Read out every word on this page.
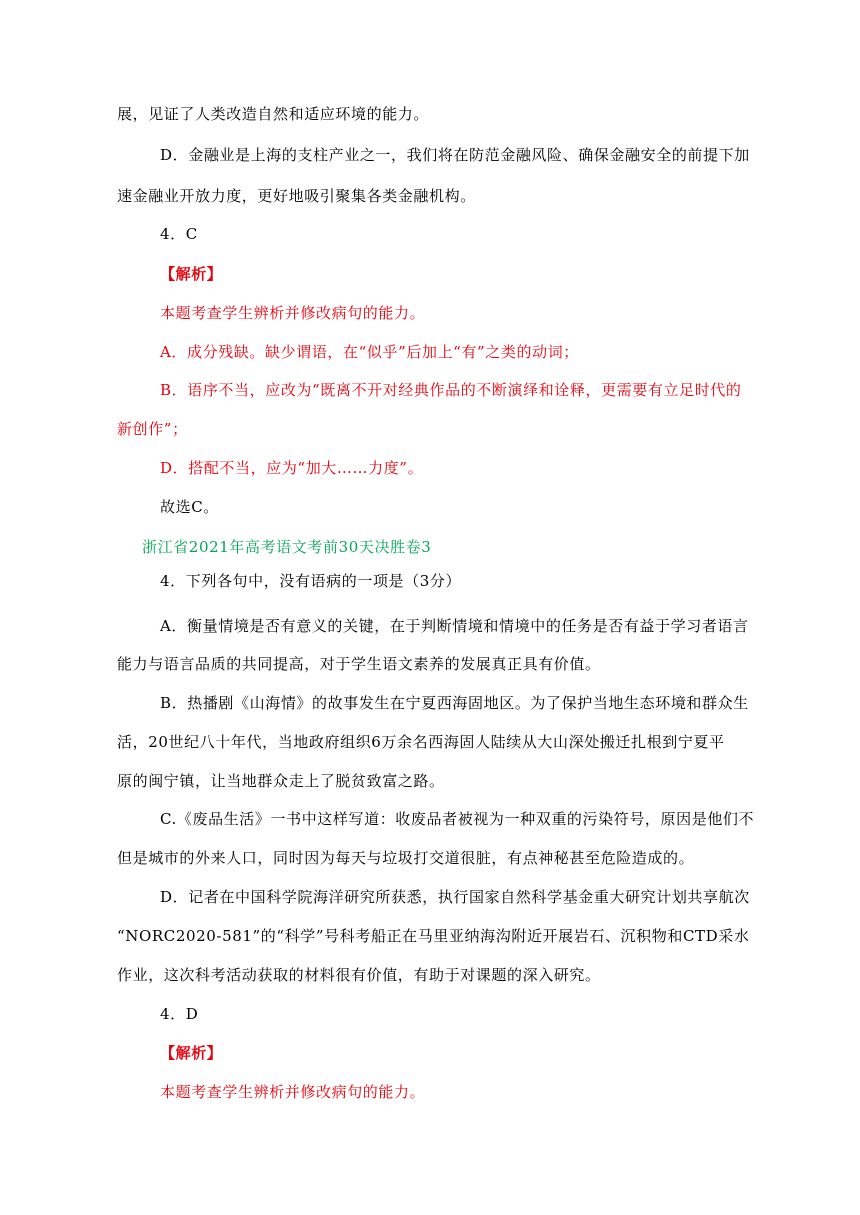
展，见证了人类改造自然和适应环境的能力。
D．金融业是上海的支柱产业之一，我们将在防范金融风险、确保金融安全的前提下加
速金融业开放力度，更好地吸引聚集各类金融机构。
4．C
【解析】
本题考查学生辨析并修改病句的能力。
A．成分残缺。缺少谓语，在“似乎”后加上“有”之类的动词；
B．语序不当，应改为“既离不开对经典作品的不断演绎和诠释，更需要有立足时代的
新创作”；
D．搭配不当，应为“加大……力度”。
故选C。
浙江省2021年高考语文考前30天决胜卷3
4．下列各句中，没有语病的一项是（3分）
A．衡量情境是否有意义的关键，在于判断情境和情境中的任务是否有益于学习者语言
能力与语言品质的共同提高，对于学生语文素养的发展真正具有价值。
B．热播剧《山海情》的故事发生在宁夏西海固地区。为了保护当地生态环境和群众生
活，20世纪八十年代，当地政府组织6万余名西海固人陆续从大山深处搬迁扎根到宁夏平
原的闽宁镇，让当地群众走上了脱贫致富之路。
C.《废品生活》一书中这样写道：收废品者被视为一种双重的污染符号，原因是他们不
但是城市的外来人口，同时因为每天与垃圾打交道很脏，有点神秘甚至危险造成的。
D．记者在中国科学院海洋研究所获悉，执行国家自然科学基金重大研究计划共享航次
“NORC2020-581”的“科学”号科考船正在马里亚纳海沟附近开展岩石、沉积物和CTD采水
作业，这次科考活动获取的材料很有价值，有助于对课题的深入研究。
4．D
【解析】
本题考查学生辨析并修改病句的能力。
